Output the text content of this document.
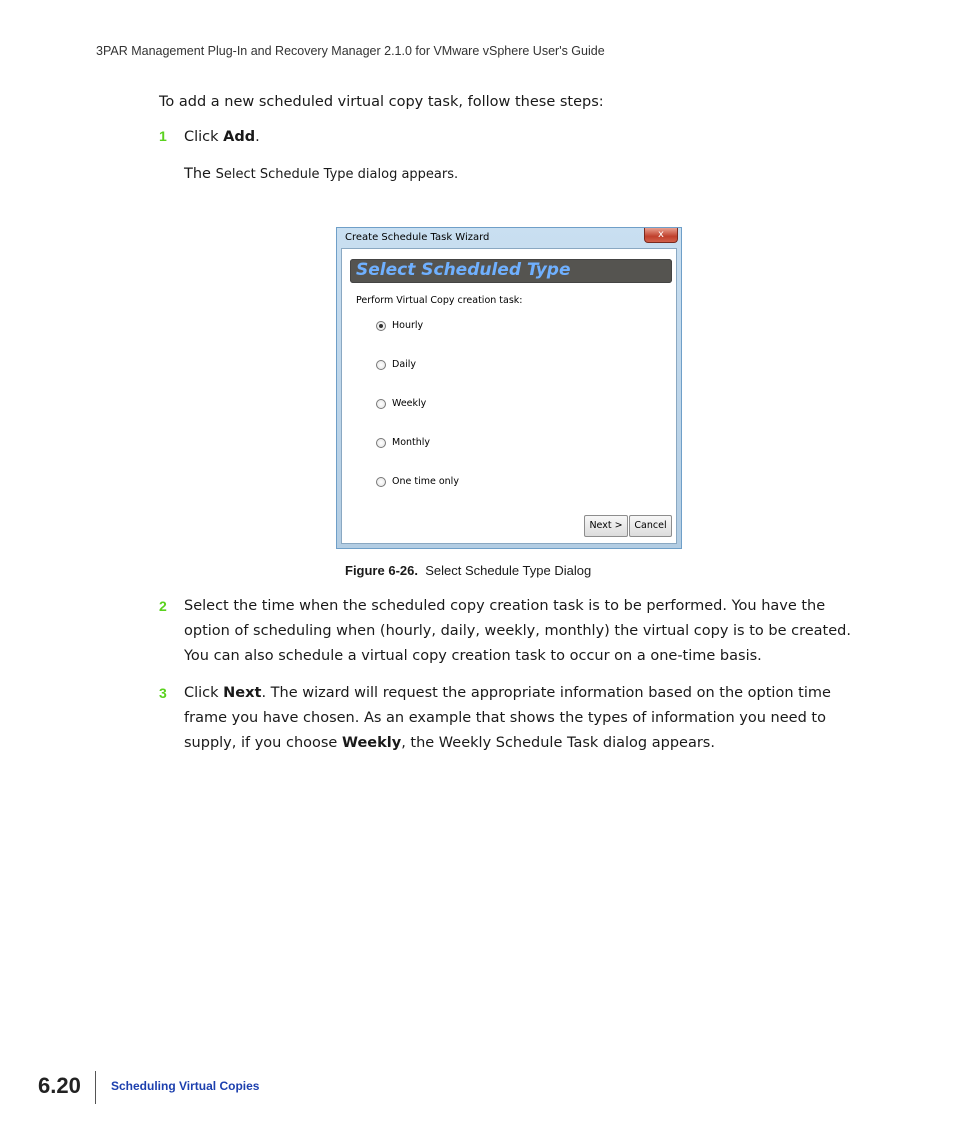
3PAR Management Plug-In and Recovery Manager 2.1.0 for VMware vSphere User's Guide
To add a new scheduled virtual copy task, follow these steps:
1 Click Add.
The Select Schedule Type dialog appears.
Create Schedule Task Wizard	x
Select Scheduled Type
Perform Virtual Copy creation task:
Hourly
Daily
Weekly
Monthly
One time only
Next >	Cancel
Figure 6-26. Select Schedule Type Dialog
2 Select the time when the scheduled copy creation task is to be performed. You have the option of scheduling when (hourly, daily, weekly, monthly) the virtual copy is to be created. You can also schedule a virtual copy creation task to occur on a one-time basis.
3 Click Next. The wizard will request the appropriate information based on the option time frame you have chosen. As an example that shows the types of information you need to supply, if you choose Weekly, the Weekly Schedule Task dialog appears.
6.20	Scheduling Virtual Copies
